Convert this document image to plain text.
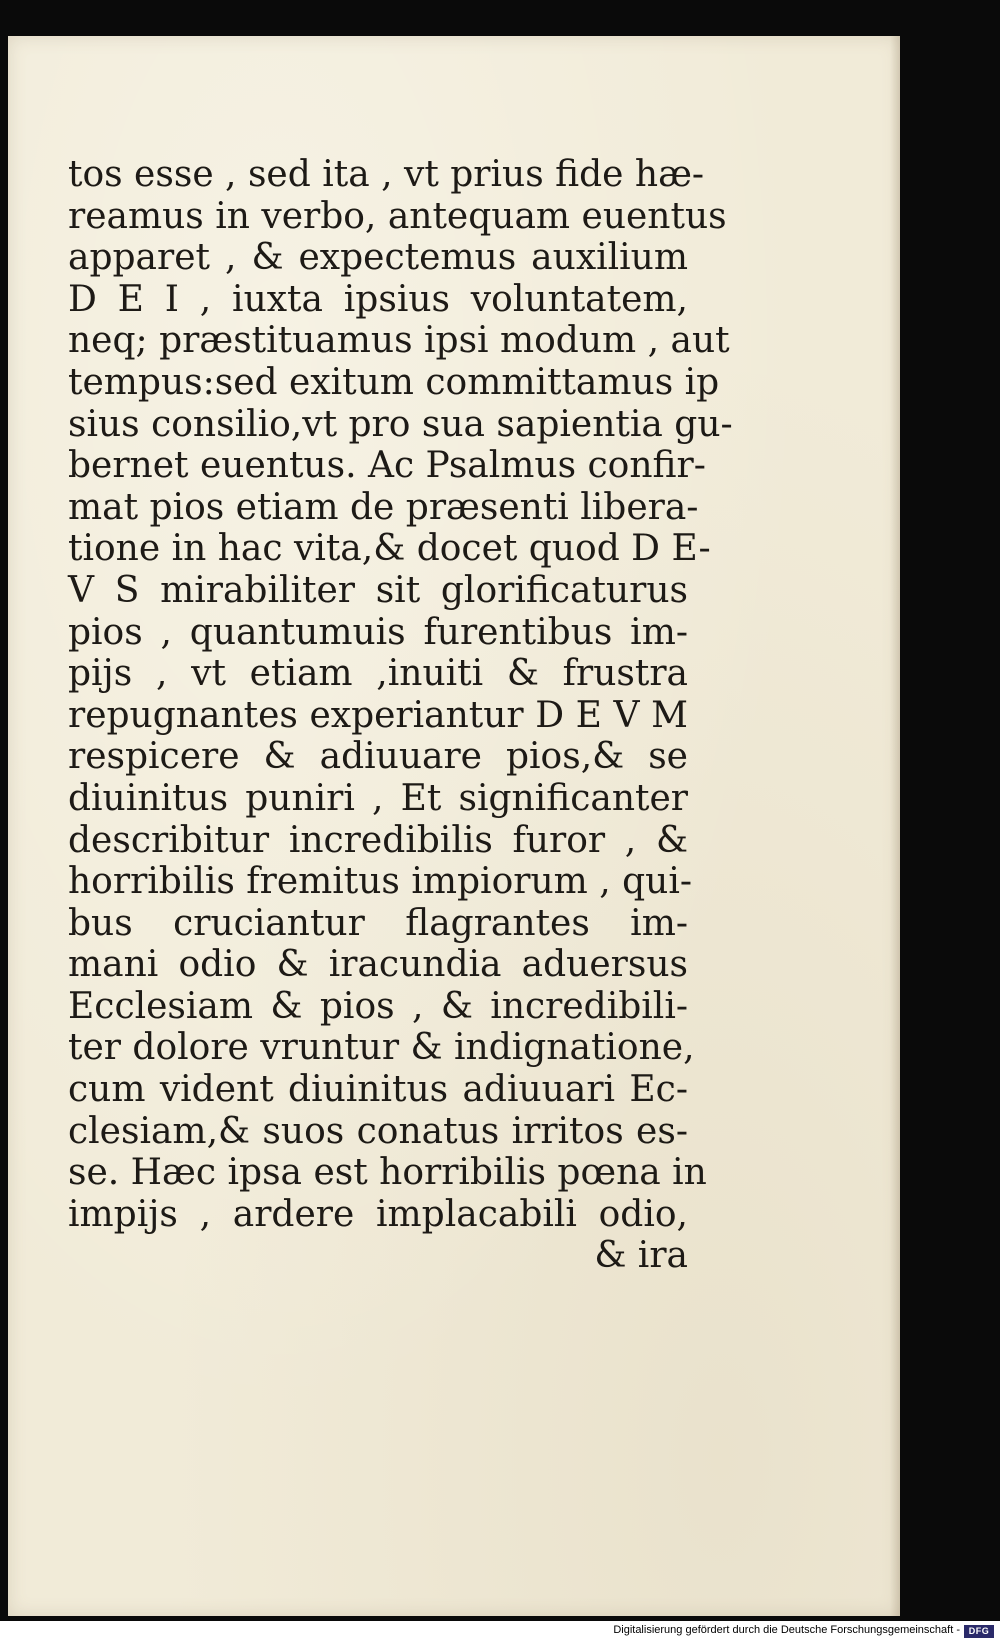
tos esse , sed ita , vt prius fide hæ-
reamus in verbo, antequam euentus
apparet , & expectemus auxilium
D E I , iuxta ipsius voluntatem,
neq; præstituamus ipsi modum , aut
tempus:sed exitum committamus ip
sius consilio,vt pro sua sapientia gu-
bernet euentus. Ac Psalmus confir-
mat pios etiam de præsenti libera-
tione in hac vita,& docet quod D E-
V S mirabiliter sit glorificaturus
pios , quantumuis furentibus im-
pijs , vt etiam ,inuiti & frustra
repugnantes experiantur D E V M
respicere & adiuuare pios,& se
diuinitus puniri , Et significanter
describitur incredibilis furor , &
horribilis fremitus impiorum , qui-
bus cruciantur flagrantes im-
mani odio & iracundia aduersus
Ecclesiam & pios , & incredibili-
ter dolore vruntur & indignatione,
cum vident diuinitus adiuuari Ec-
clesiam,& suos conatus irritos es-
se. Hæc ipsa est horribilis pœna in
impijs , ardere implacabili odio,
& ira
Digitalisierung gefördert durch die Deutsche Forschungsgemeinschaft - DFG
